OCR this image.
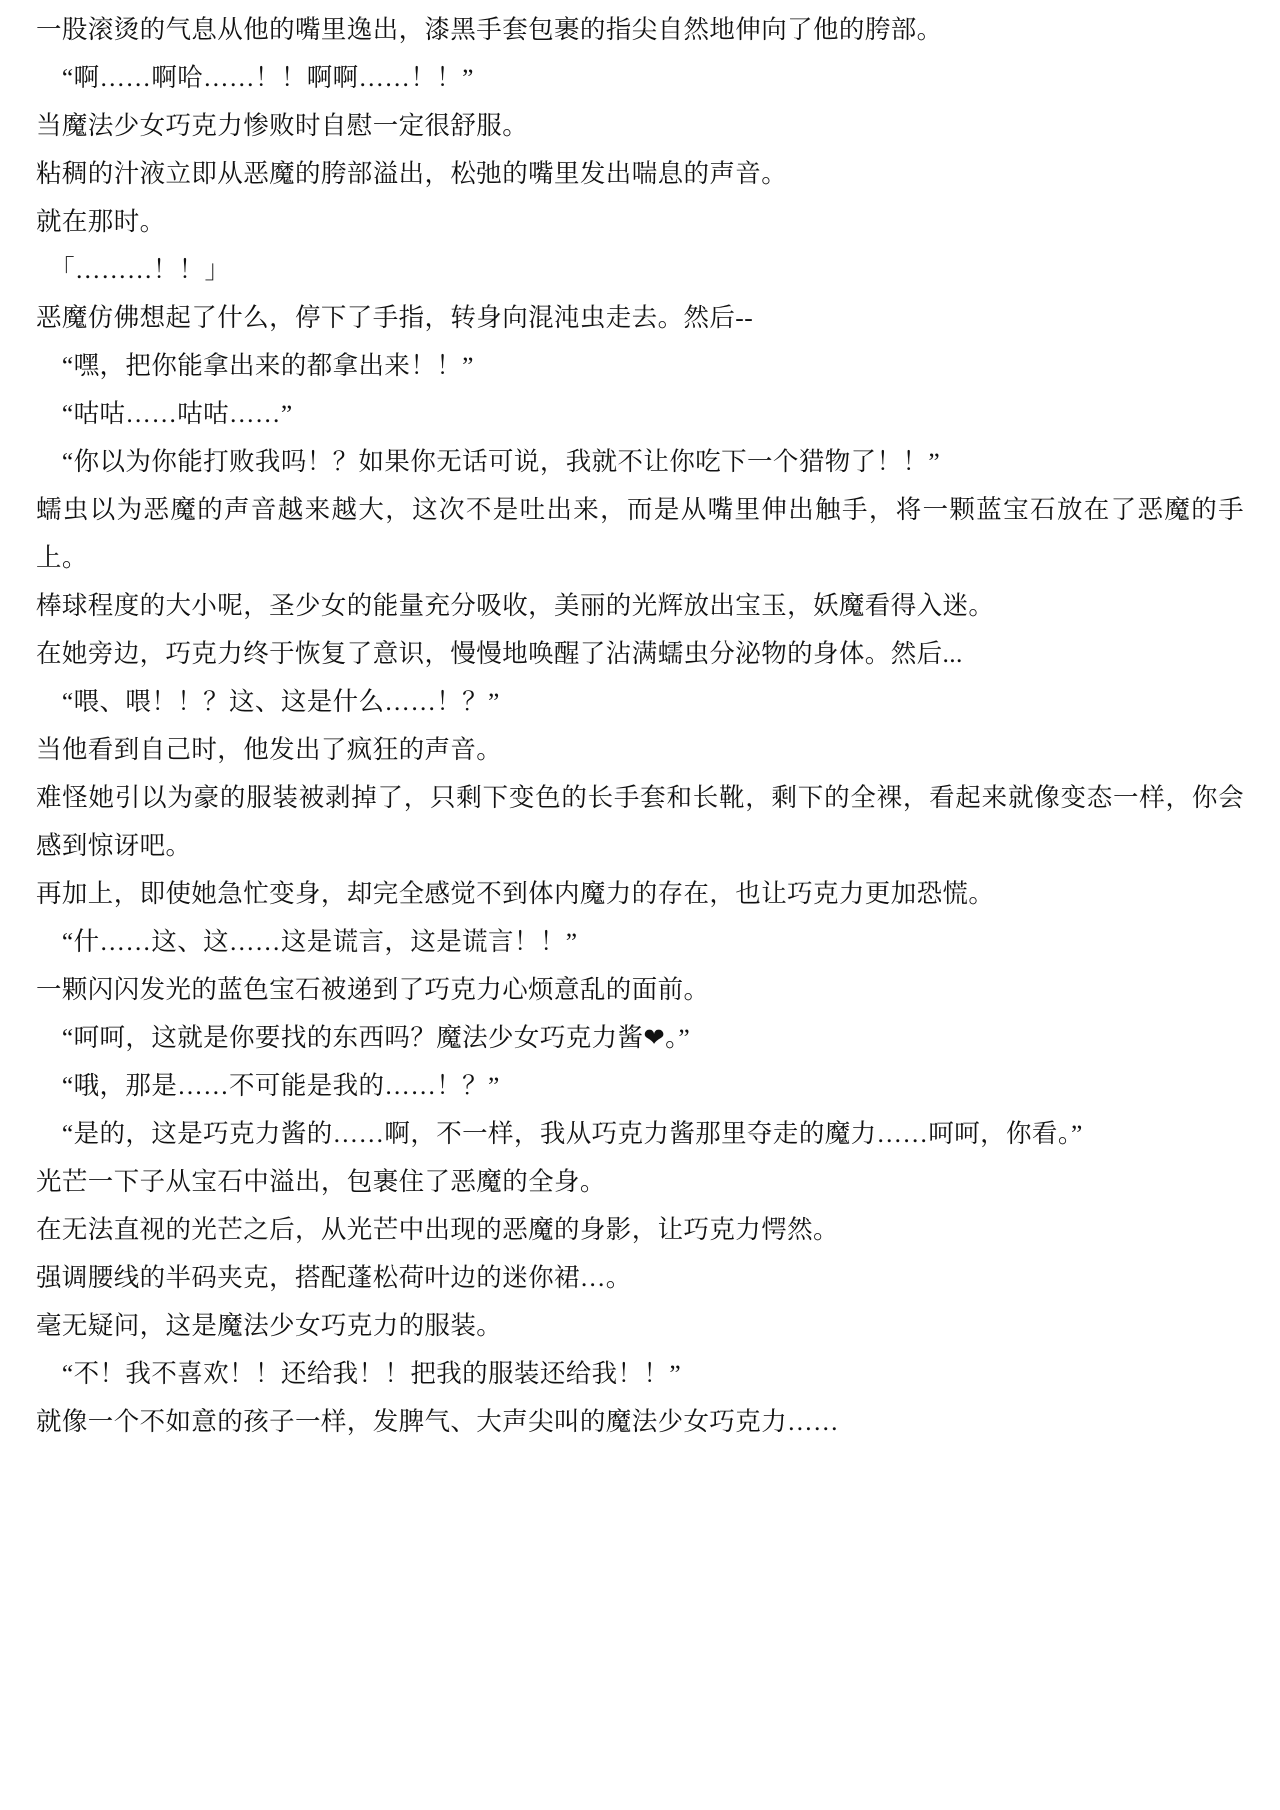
一股滚烫的气息从他的嘴里逸出，漆黑手套包裹的指尖自然地伸向了他的胯部。

　“啊……啊哈……！！啊啊……！！”

当魔法少女巧克力惨败时自慰一定很舒服。

粘稠的汁液立即从恶魔的胯部溢出，松弛的嘴里发出喘息的声音。

就在那时。

　「………！！」

恶魔仿佛想起了什么，停下了手指，转身向混沌虫走去。然后--

　“嘿，把你能拿出来的都拿出来！！”

　“咕咕……咕咕……”

　“你以为你能打败我吗！？如果你无话可说，我就不让你吃下一个猎物了！！”

蠕虫以为恶魔的声音越来越大，这次不是吐出来，而是从嘴里伸出触手，将一颗蓝宝石放在了恶魔的手上。

棒球程度的大小呢，圣少女的能量充分吸收，美丽的光辉放出宝玉，妖魔看得入迷。

在她旁边，巧克力终于恢复了意识，慢慢地唤醒了沾满蠕虫分泌物的身体。然后...

　“喂、喂！！？这、这是什么……！？”

当他看到自己时，他发出了疯狂的声音。

难怪她引以为豪的服装被剥掉了，只剩下变色的长手套和长靴，剩下的全裸，看起来就像变态一样，你会感到惊讶吧。

再加上，即使她急忙变身，却完全感觉不到体内魔力的存在，也让巧克力更加恐慌。

　“什……这、这……这是谎言，这是谎言！！”

一颗闪闪发光的蓝色宝石被递到了巧克力心烦意乱的面前。

　“呵呵，这就是你要找的东西吗？魔法少女巧克力酱❤。”

　“哦，那是……不可能是我的……！？”

　“是的，这是巧克力酱的……啊，不一样，我从巧克力酱那里夺走的魔力……呵呵，你看。”

光芒一下子从宝石中溢出，包裹住了恶魔的全身。

在无法直视的光芒之后，从光芒中出现的恶魔的身影，让巧克力愕然。

强调腰线的半码夹克，搭配蓬松荷叶边的迷你裙…。

毫无疑问，这是魔法少女巧克力的服装。

　“不！我不喜欢！！还给我！！把我的服装还给我！！”

就像一个不如意的孩子一样，发脾气、大声尖叫的魔法少女巧克力……
